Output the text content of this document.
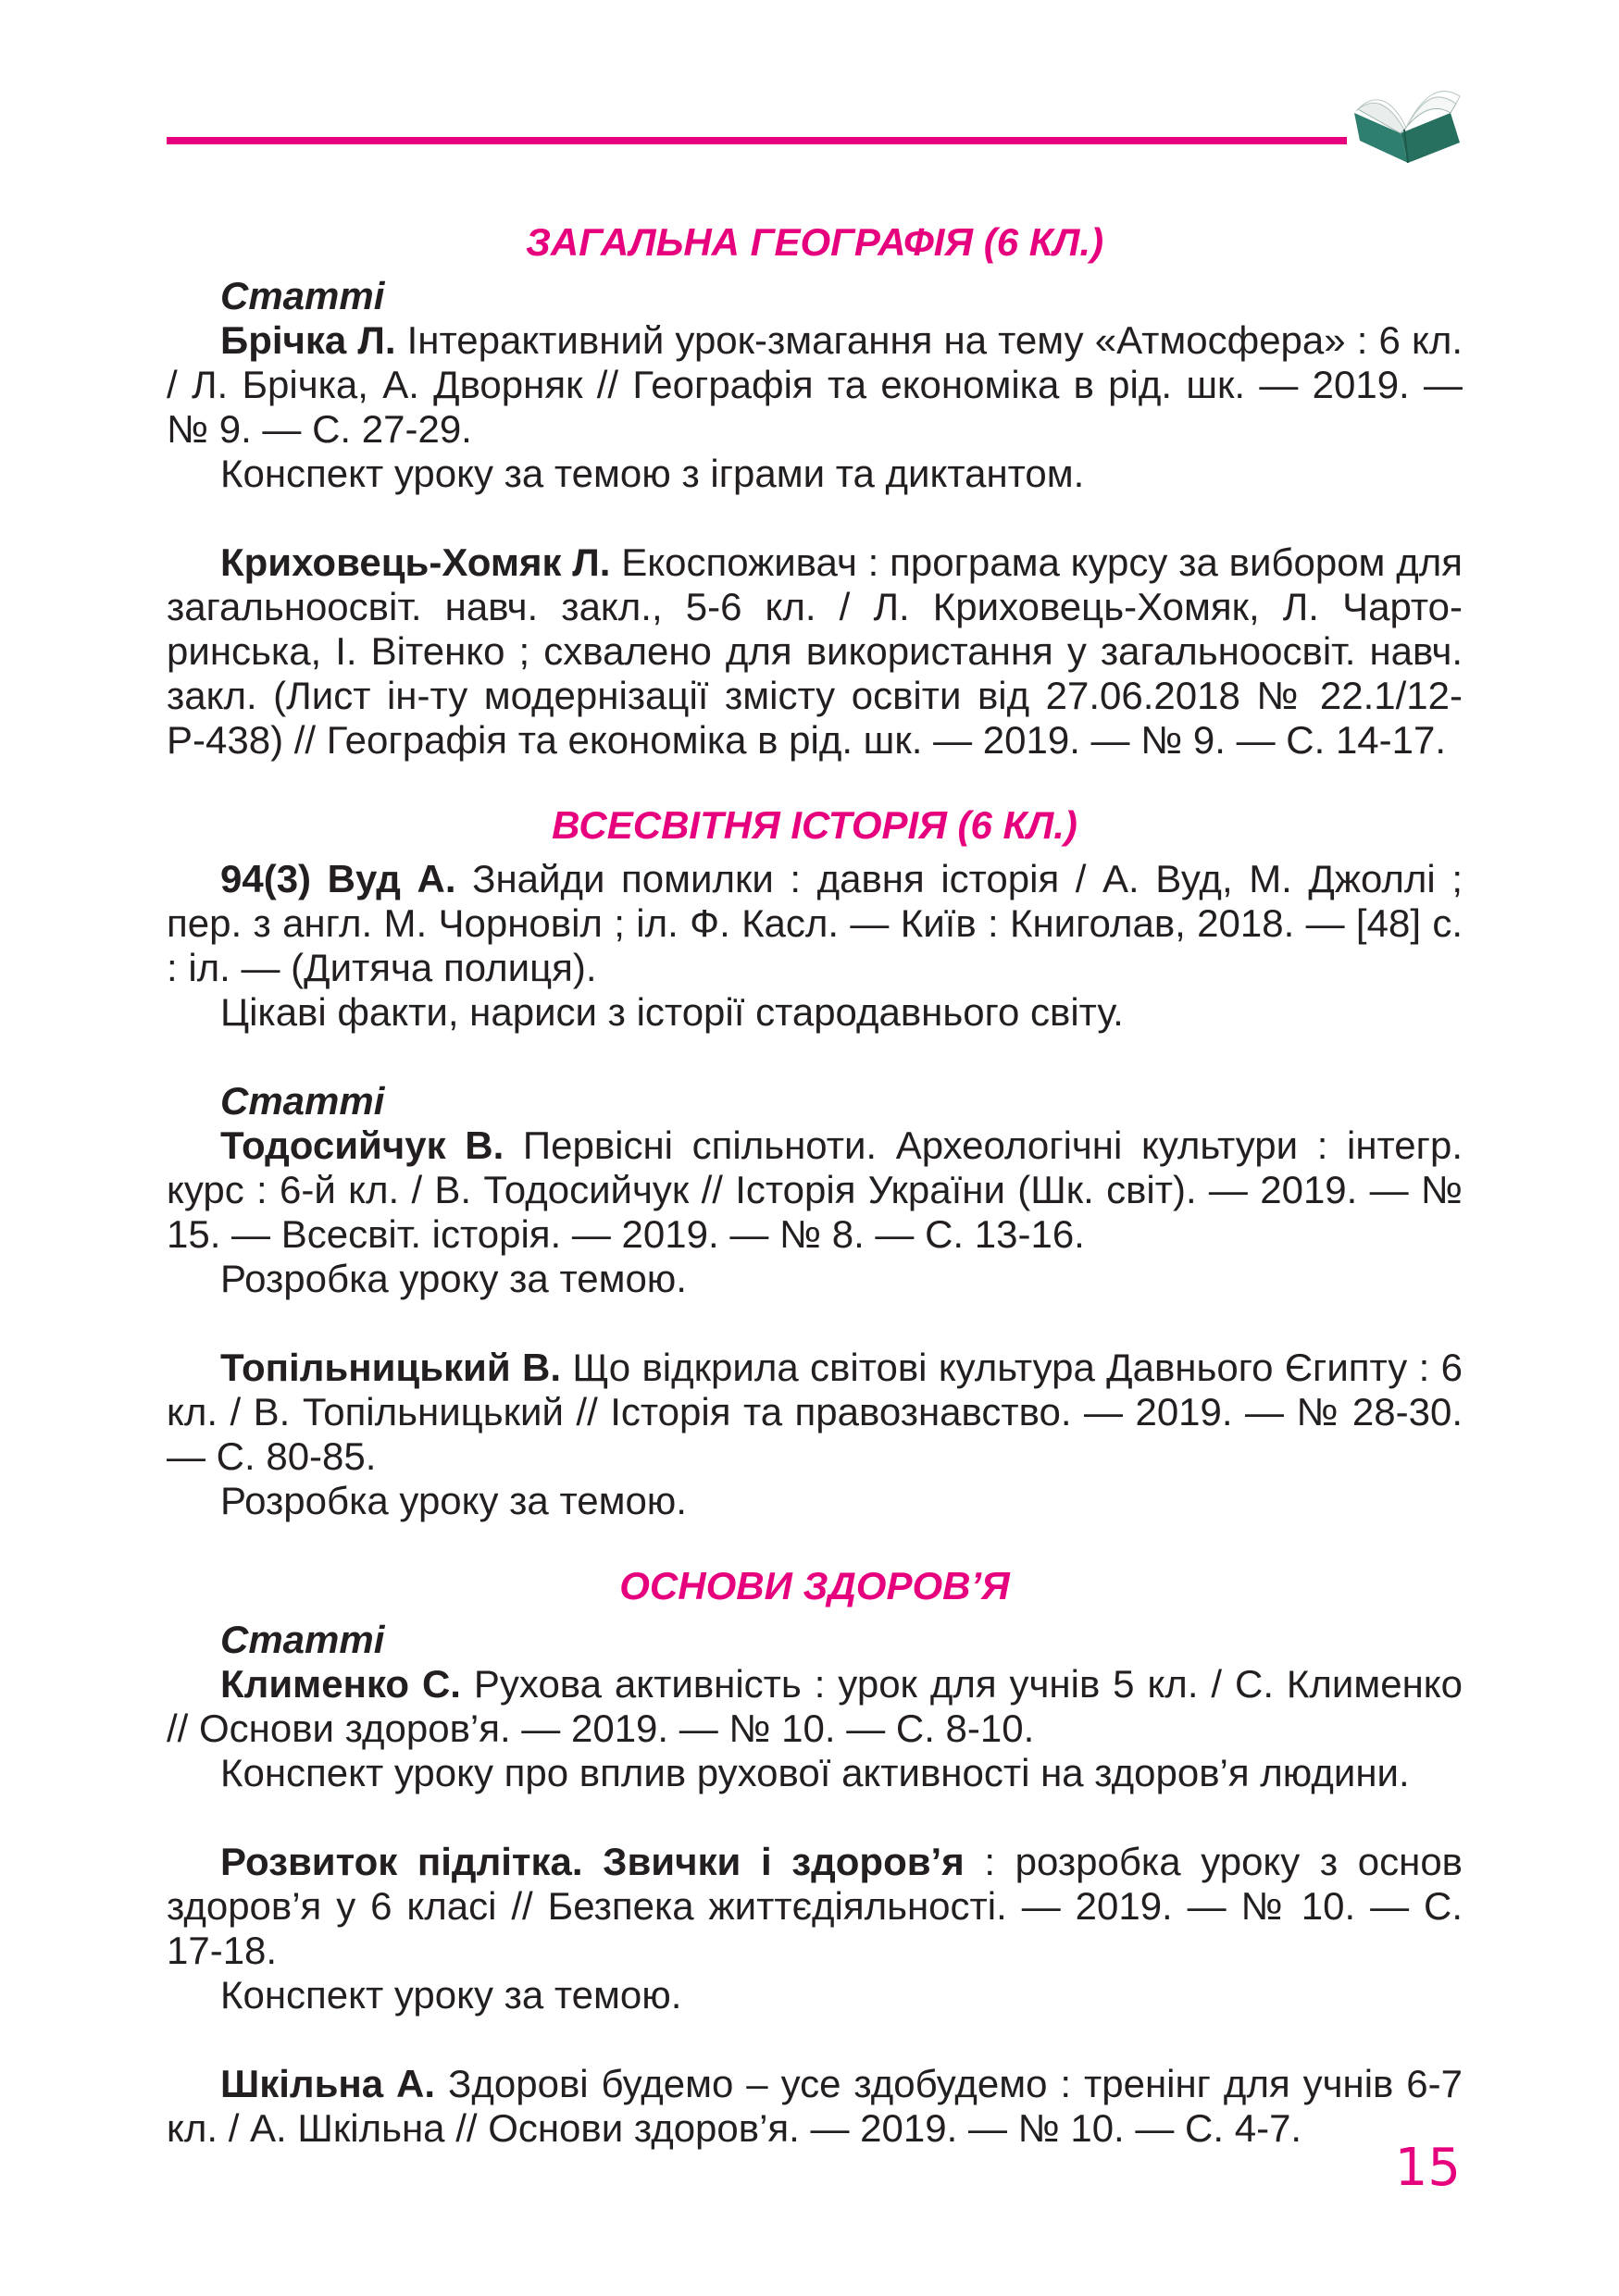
ЗАГАЛЬНА ГЕОГРАФІЯ (6 КЛ.)
Статті
Брічка Л. Інтерактивний урок-змагання на тему «Атмосфера» : 6 кл. / Л. Брічка, А. Дворняк // Географія та економіка в рід. шк. — 2019. — № 9. — С. 27-29.
Конспект уроку за темою з іграми та диктантом.
Криховець-Хомяк Л. Екоспоживач : програма курсу за вибором для загальноосвіт. навч. закл., 5-6 кл. / Л. Криховець-Хомяк, Л. Чарторинська, І. Вітенко ; схвалено для використання у загальноосвіт. навч. закл. (Лист ін-ту модернізації змісту освіти від 27.06.2018 № 22.1/12-Р-438) // Географія та економіка в рід. шк. — 2019. — № 9. — С. 14-17.
ВСЕСВІТНЯ ІСТОРІЯ (6 КЛ.)
94(3) Вуд А. Знайди помилки : давня історія / А. Вуд, М. Джоллі ; пер. з англ. М. Чорновіл ; іл. Ф. Касл. — Київ : Книголав, 2018. — [48] с. : іл. — (Дитяча полиця).
Цікаві факти, нариси з історії стародавнього світу.
Статті
Тодосийчук В. Первісні спільноти. Археологічні культури : інтегр. курс : 6-й кл. / В. Тодосийчук // Історія України (Шк. світ). — 2019. — № 15. — Всесвіт. історія. — 2019. — № 8. — С. 13-16.
Розробка уроку за темою.
Топільницький В. Що відкрила світові культура Давнього Єгипту : 6 кл. / В. Топільницький // Історія та правознавство. — 2019. — № 28-30. — С. 80-85.
Розробка уроку за темою.
ОСНОВИ ЗДОРОВ’Я
Статті
Клименко С. Рухова активність : урок для учнів 5 кл. / С. Клименко // Основи здоров’я. — 2019. — № 10. — С. 8-10.
Конспект уроку про вплив рухової активності на здоров’я людини.
Розвиток підлітка. Звички і здоров’я : розробка уроку з основ здоров’я у 6 класі // Безпека життєдіяльності. — 2019. — № 10. — С. 17-18.
Конспект уроку за темою.
Шкільна А. Здорові будемо – усе здобудемо : тренінг для учнів 6-7 кл. / А. Шкільна // Основи здоров’я. — 2019. — № 10. — С. 4-7.
15
